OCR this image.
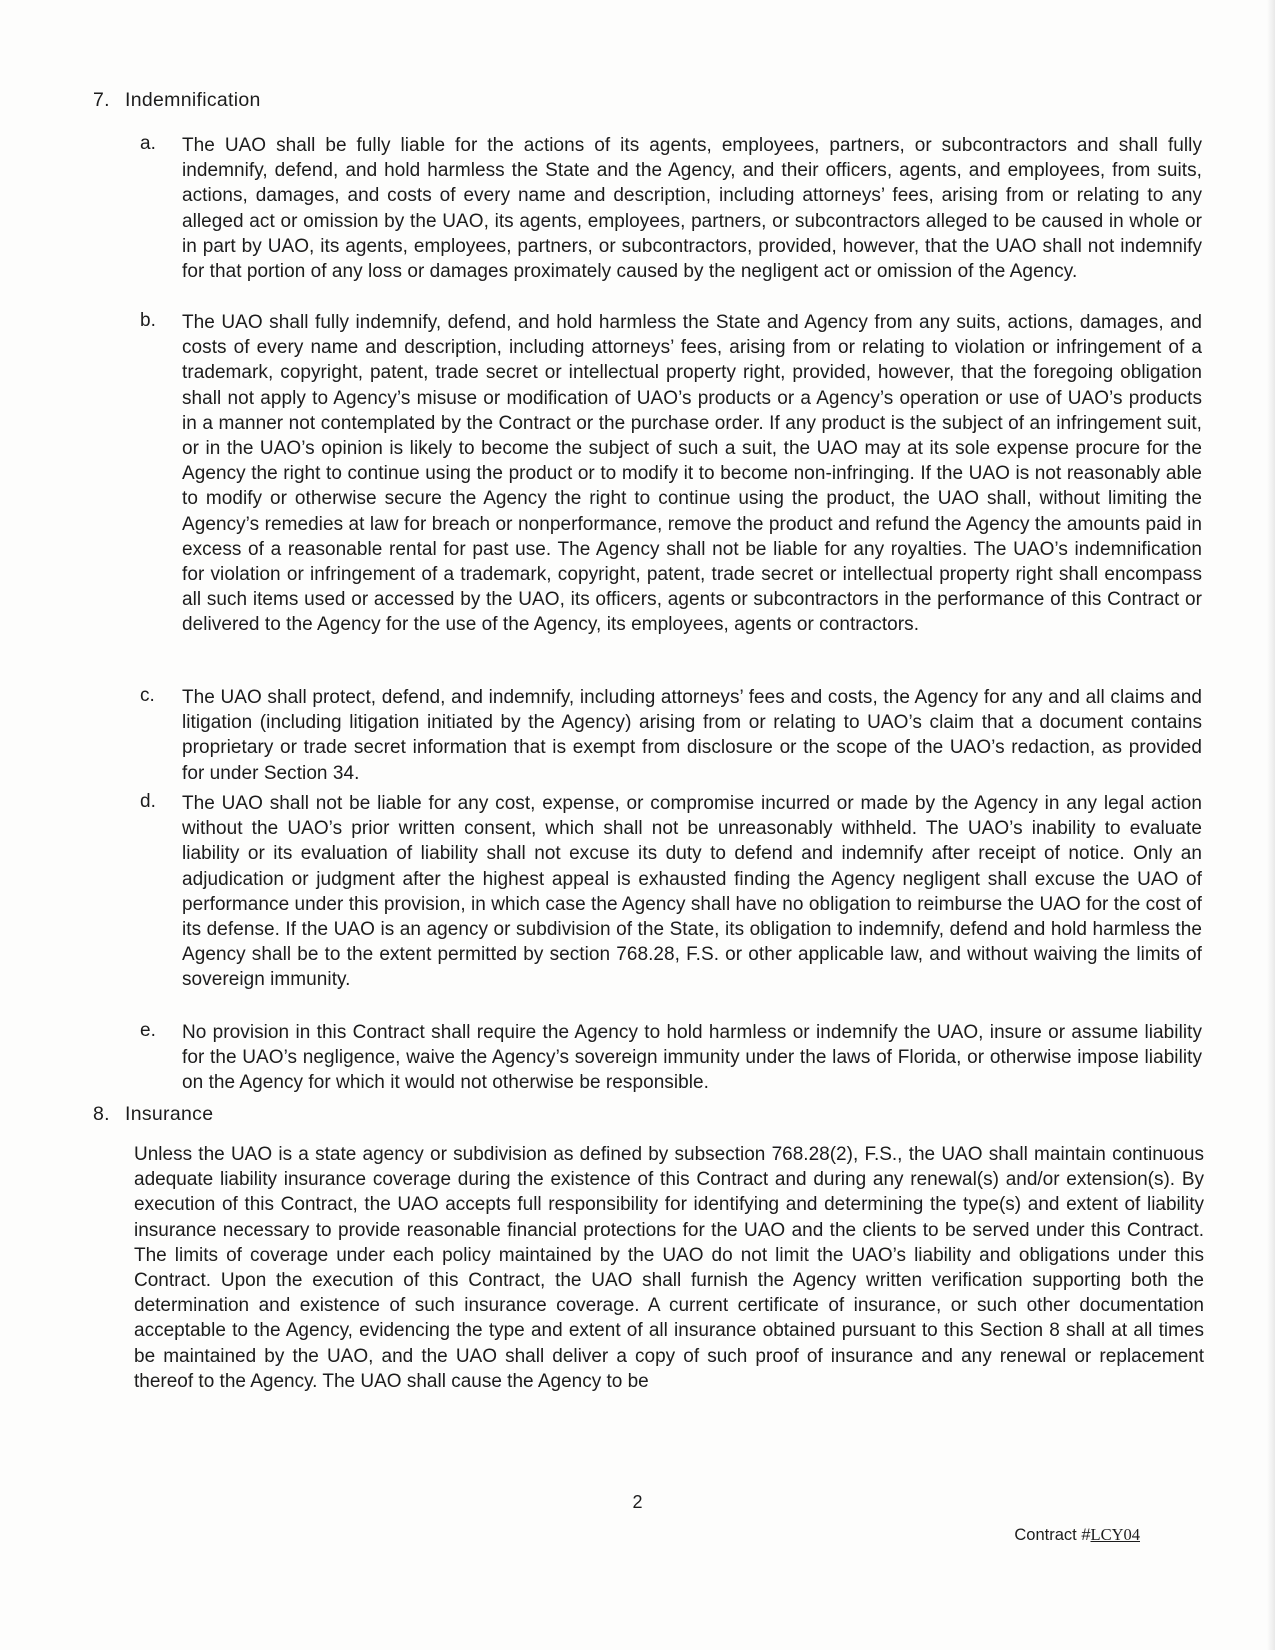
7. Indemnification
a. The UAO shall be fully liable for the actions of its agents, employees, partners, or subcontractors and shall fully indemnify, defend, and hold harmless the State and the Agency, and their officers, agents, and employees, from suits, actions, damages, and costs of every name and description, including attorneys’ fees, arising from or relating to any alleged act or omission by the UAO, its agents, employees, partners, or subcontractors alleged to be caused in whole or in part by UAO, its agents, employees, partners, or subcontractors, provided, however, that the UAO shall not indemnify for that portion of any loss or damages proximately caused by the negligent act or omission of the Agency.
b. The UAO shall fully indemnify, defend, and hold harmless the State and Agency from any suits, actions, damages, and costs of every name and description, including attorneys’ fees, arising from or relating to violation or infringement of a trademark, copyright, patent, trade secret or intellectual property right, provided, however, that the foregoing obligation shall not apply to Agency’s misuse or modification of UAO’s products or a Agency’s operation or use of UAO’s products in a manner not contemplated by the Contract or the purchase order. If any product is the subject of an infringement suit, or in the UAO’s opinion is likely to become the subject of such a suit, the UAO may at its sole expense procure for the Agency the right to continue using the product or to modify it to become non-infringing. If the UAO is not reasonably able to modify or otherwise secure the Agency the right to continue using the product, the UAO shall, without limiting the Agency’s remedies at law for breach or nonperformance, remove the product and refund the Agency the amounts paid in excess of a reasonable rental for past use. The Agency shall not be liable for any royalties. The UAO’s indemnification for violation or infringement of a trademark, copyright, patent, trade secret or intellectual property right shall encompass all such items used or accessed by the UAO, its officers, agents or subcontractors in the performance of this Contract or delivered to the Agency for the use of the Agency, its employees, agents or contractors.
c. The UAO shall protect, defend, and indemnify, including attorneys’ fees and costs, the Agency for any and all claims and litigation (including litigation initiated by the Agency) arising from or relating to UAO’s claim that a document contains proprietary or trade secret information that is exempt from disclosure or the scope of the UAO’s redaction, as provided for under Section 34.
d. The UAO shall not be liable for any cost, expense, or compromise incurred or made by the Agency in any legal action without the UAO’s prior written consent, which shall not be unreasonably withheld. The UAO’s inability to evaluate liability or its evaluation of liability shall not excuse its duty to defend and indemnify after receipt of notice. Only an adjudication or judgment after the highest appeal is exhausted finding the Agency negligent shall excuse the UAO of performance under this provision, in which case the Agency shall have no obligation to reimburse the UAO for the cost of its defense. If the UAO is an agency or subdivision of the State, its obligation to indemnify, defend and hold harmless the Agency shall be to the extent permitted by section 768.28, F.S. or other applicable law, and without waiving the limits of sovereign immunity.
e. No provision in this Contract shall require the Agency to hold harmless or indemnify the UAO, insure or assume liability for the UAO’s negligence, waive the Agency’s sovereign immunity under the laws of Florida, or otherwise impose liability on the Agency for which it would not otherwise be responsible.
8. Insurance

Unless the UAO is a state agency or subdivision as defined by subsection 768.28(2), F.S., the UAO shall maintain continuous adequate liability insurance coverage during the existence of this Contract and during any renewal(s) and/or extension(s). By execution of this Contract, the UAO accepts full responsibility for identifying and determining the type(s) and extent of liability insurance necessary to provide reasonable financial protections for the UAO and the clients to be served under this Contract. The limits of coverage under each policy maintained by the UAO do not limit the UAO’s liability and obligations under this Contract. Upon the execution of this Contract, the UAO shall furnish the Agency written verification supporting both the determination and existence of such insurance coverage. A current certificate of insurance, or such other documentation acceptable to the Agency, evidencing the type and extent of all insurance obtained pursuant to this Section 8 shall at all times be maintained by the UAO, and the UAO shall deliver a copy of such proof of insurance and any renewal or replacement thereof to the Agency. The UAO shall cause the Agency to be

2
Contract #LCY04
